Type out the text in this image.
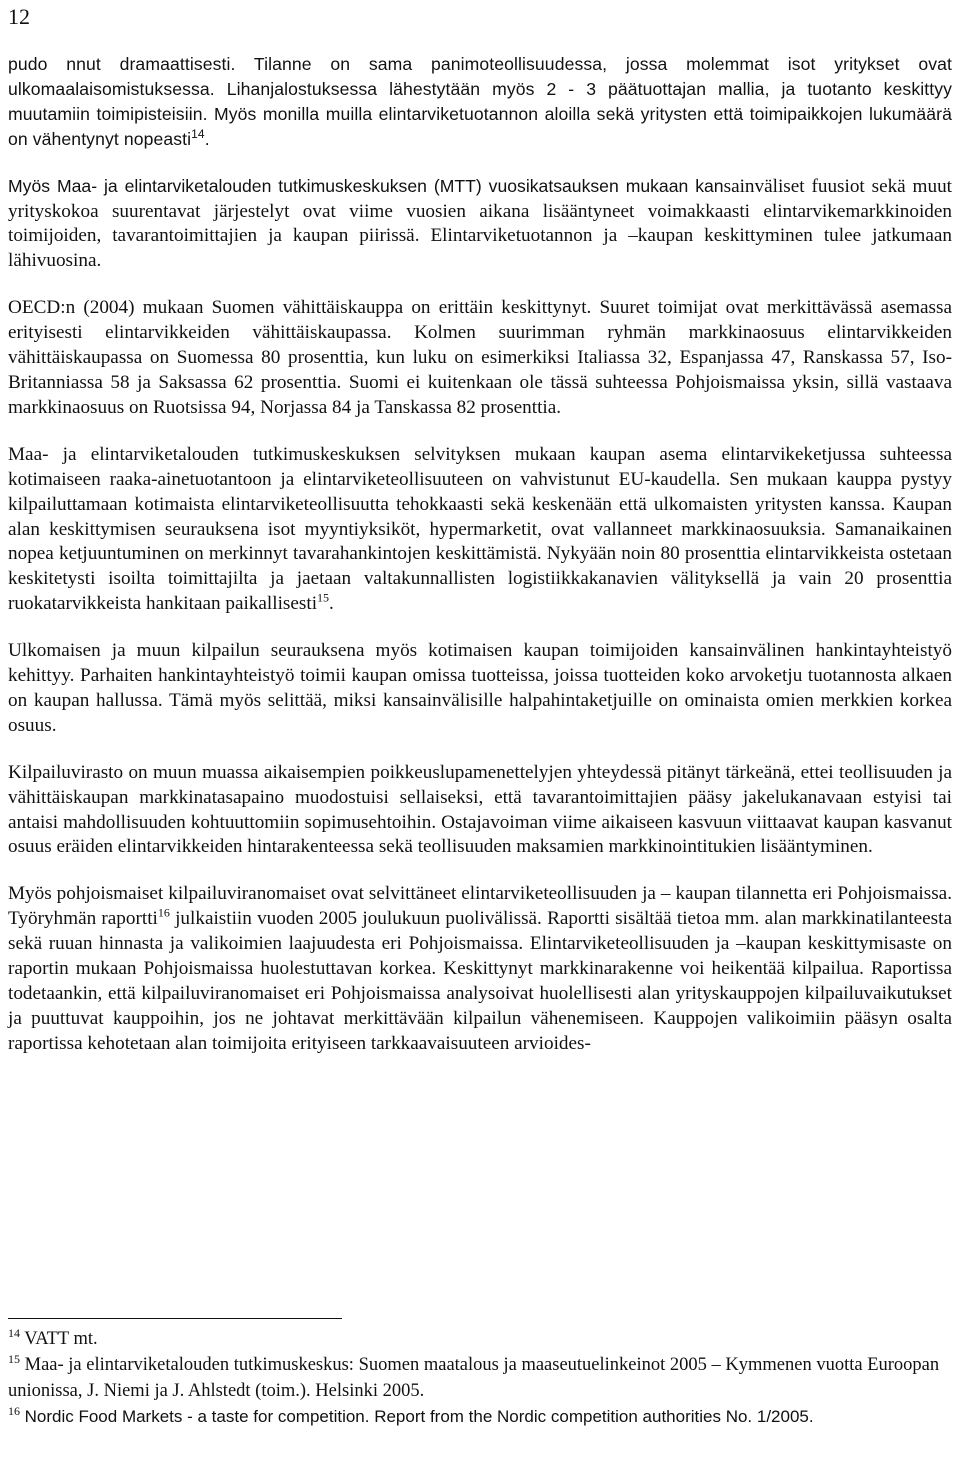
12

pudo nnut dramaattisesti. Tilanne on sama panimoteollisuudessa, jossa molemmat isot yritykset ovat ulkomaalaisomistuksessa. Lihanjalostuksessa lähestytään myös 2 - 3 päätuottajan mallia, ja tuotanto keskittyy muutamiin toimipisteisiin. Myös monilla muilla elintarviketuotannon aloilla sekä yritysten että toimipaikkojen lukumäärä on vähentynyt nopeasti$^{14}$.

Myös Maa- ja elintarviketalouden tutkimuskeskuksen (MTT) vuosikatsauksen mukaan kansainväliset fuusiot sekä muut yrityskokoa suurentavat järjestelyt ovat viime vuosien aikana lisääntyneet voimakkaasti elintarvikemarkkinoiden toimijoiden, tavarantoimittajien ja kaupan piirissä. Elintarviketuotannon ja –kaupan keskittyminen tulee jatkumaan lähivuosina.

OECD:n (2004) mukaan Suomen vähittäiskauppa on erittäin keskittynyt. Suuret toimijat ovat merkittävässä asemassa erityisesti elintarvikkeiden vähittäiskaupassa. Kolmen suurimman ryhmän markkinaosuus elintarvikkeiden vähittäiskaupassa on Suomessa 80 prosenttia, kun luku on esimerkiksi Italiassa 32, Espanjassa 47, Ranskassa 57, Iso-Britanniassa 58 ja Saksassa 62 prosenttia. Suomi ei kuitenkaan ole tässä suhteessa Pohjoismaissa yksin, sillä vastaava markkinaosuus on Ruotsissa 94, Norjassa 84 ja Tanskassa 82 prosenttia.

Maa- ja elintarviketalouden tutkimuskeskuksen selvityksen mukaan kaupan asema elintarvikeketjussa suhteessa kotimaiseen raaka-ainetuotantoon ja elintarviketeollisuuteen on vahvistunut EU-kaudella. Sen mukaan kauppa pystyy kilpailuttamaan kotimaista elintarviketeollisuutta tehokkaasti sekä keskenään että ulkomaisten yritysten kanssa. Kaupan alan keskittymisen seurauksena isot myyntiyksiköt, hypermarketit, ovat vallanneet markkinaosuuksia. Samanaikainen nopea ketjuuntuminen on merkinnyt tavarahankintojen keskittämistä. Nykyään noin 80 prosenttia elintarvikkeista ostetaan keskitetysti isoilta toimittajilta ja jaetaan valtakunnallisten logistiikkakanavien välityksellä ja vain 20 prosenttia ruokatarvikkeista hankitaan paikallisesti$^{15}$.

Ulkomaisen ja muun kilpailun seurauksena myös kotimaisen kaupan toimijoiden kansainvälinen hankintayhteistyö kehittyy. Parhaiten hankintayhteistyö toimii kaupan omissa tuotteissa, joissa tuotteiden koko arvoketju tuotannosta alkaen on kaupan hallussa. Tämä myös selittää, miksi kansainvälisille halpahintaketjuille on ominaista omien merkkien korkea osuus.

Kilpailuvirasto on muun muassa aikaisempien poikkeuslupamenettelyjen yhteydessä pitänyt tärkeänä, ettei teollisuuden ja vähittäiskaupan markkinatasapaino muodostuisi sellaiseksi, että tavarantoimittajien pääsy jakelukanavaan estyisi tai antaisi mahdollisuuden kohtuuttomiin sopimusehtoihin. Ostajavoiman viime aikaiseen kasvuun viittaavat kaupan kasvanut osuus eräiden elintarvikkeiden hintarakenteessa sekä teollisuuden maksamien markkinointitukien lisääntyminen.

Myös pohjoismaiset kilpailuviranomaiset ovat selvittäneet elintarviketeollisuuden ja – kaupan tilannetta eri Pohjoismaissa. Työryhmän raportti$^{16}$ julkaistiin vuoden 2005 joulukuun puolivälissä. Raportti sisältää tietoa mm. alan markkinatilanteesta sekä ruuan hinnasta ja valikoimien laajuudesta eri Pohjoismaissa. Elintarviketeollisuuden ja –kaupan keskittymisaste on raportin mukaan Pohjoismaissa huolestuttavan korkea. Keskittynyt markkinarakenne voi heikentää kilpailua. Raportissa todetaankin, että kilpailuviranomaiset eri Pohjoismaissa analysoivat huolellisesti alan yrityskauppojen kilpailuvaikutukset ja puuttuvat kauppoihin, jos ne johtavat merkittävään kilpailun vähenemiseen. Kauppojen valikoimiin pääsyn osalta raportissa kehotetaan alan toimijoita erityiseen tarkkaavaisuuteen arvioides-

$^{14}$ VATT mt.

$^{15}$ Maa- ja elintarviketalouden tutkimuskeskus: Suomen maatalous ja maaseutuelinkeinot 2005 – Kymmenen vuotta Euroopan unionissa, J. Niemi ja J. Ahlstedt (toim.). Helsinki 2005.

$^{16}$ Nordic Food Markets - a taste for competition. Report from the Nordic competition authorities No. 1/2005.
